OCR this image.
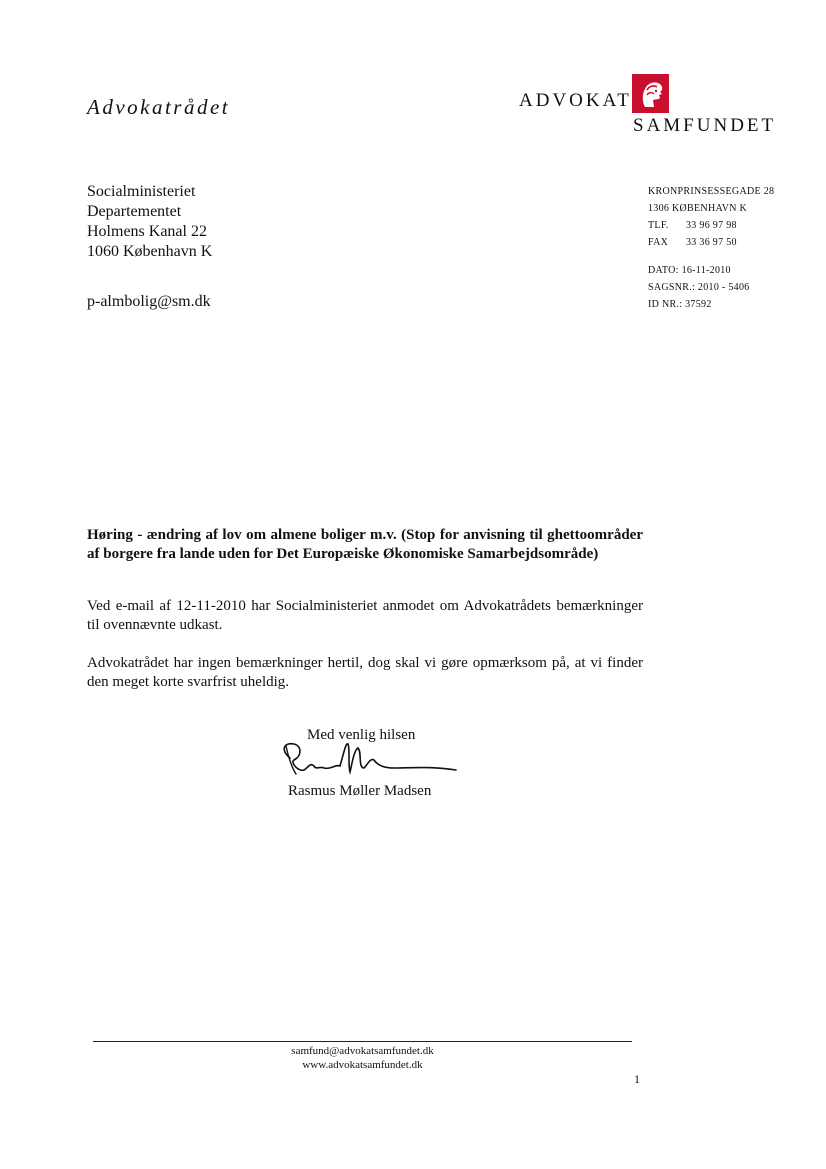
Advokatrådet	ADVOKAT
SAMFUNDET
Socialministeriet
Departementet
Holmens Kanal 22
1060 København K
p-almbolig@sm.dk
KRONPRINSESSEGADE 28
1306 KØBENHAVN K
TLF. 33 96 97 98
FAX 33 36 97 50
DATO: 16-11-2010
SAGSNR.: 2010 - 5406
ID NR.: 37592
Høring - ændring af lov om almene boliger m.v. (Stop for anvisning til ghettoområder af borgere fra lande uden for Det Europæiske Økonomiske Samarbejdsområde)
Ved e-mail af 12-11-2010 har Socialministeriet anmodet om Advokatrådets bemærkninger til ovennævnte udkast.
Advokatrådet har ingen bemærkninger hertil, dog skal vi gøre opmærksom på, at vi finder den meget korte svarfrist uheldig.
Med venlig hilsen
Rasmus Møller Madsen
samfund@advokatsamfundet.dk
www.advokatsamfundet.dk
1
